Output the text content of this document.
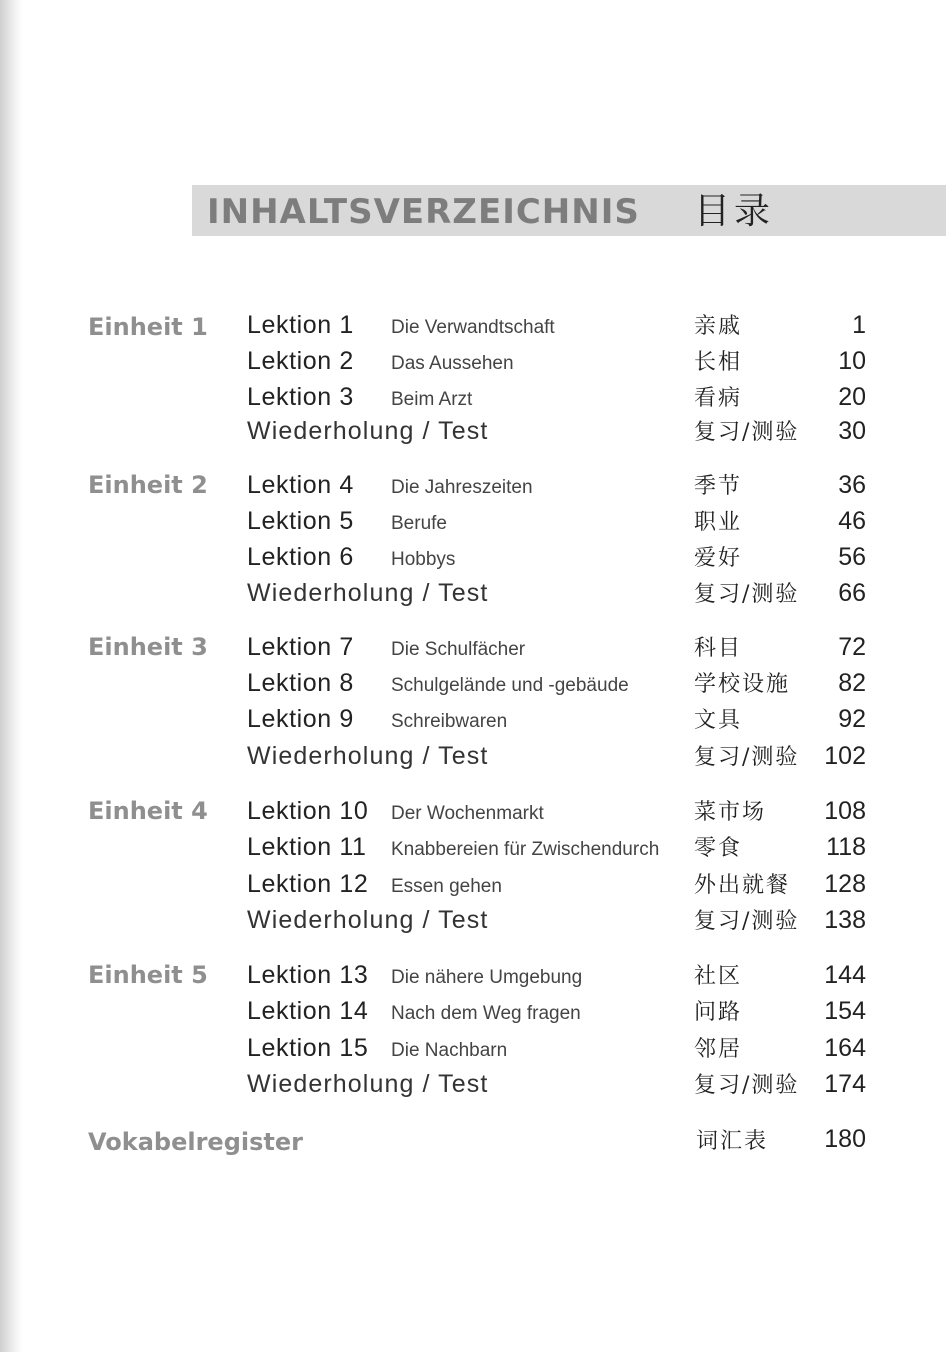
INHALTSVERZEICHNIS 目录
Einheit 1 Lektion 1 Die Verwandtschaft	亲戚	1
Lektion 2 Das Aussehen	长相	10
Lektion 3 Beim Arzt	看病	20
Wiederholung / Test	复习/测验	30
Einheit 2 Lektion 4 Die Jahreszeiten	季节	36
Lektion 5 Berufe	职业	46
Lektion 6 Hobbys	爱好	56
Wiederholung / Test	复习/测验	66
Einheit 3 Lektion 7 Die Schulfächer	科目	72
Lektion 8 Schulgelände und -gebäude	学校设施	82
Lektion 9 Schreibwaren	文具	92
Wiederholung / Test	复习/测验 102
Einheit 4 Lektion 10 Der Wochenmarkt	菜市场	108
Lektion 11 Knabbereien für Zwischendurch 零食	118
Lektion 12 Essen gehen	外出就餐	128
Wiederholung / Test	复习/测验 138
Einheit 5 Lektion 13 Die nähere Umgebung	社区	144
Lektion 14 Nach dem Weg fragen	问路	154
Lektion 15 Die Nachbarn	邻居	164
Wiederholung / Test	复习/测验 174
Vokabelregister	词汇表	180
